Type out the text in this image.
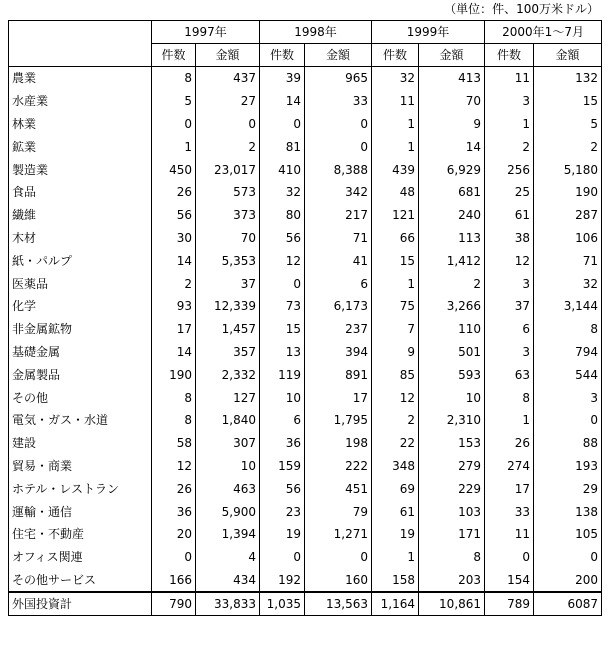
（単位：件、100万米ドル）
	1997年		1998年		1999年		2000年1～7月	
	件数	金額	件数	金額	件数	金額	件数	金額
農業	8	437	39	965	32	413	11	132
水産業	5	27	14	33	11	70	3	15
林業	0	0	0	0	1	9	1	5
鉱業	1	2	81	0	1	14	2	2
製造業	450	23,017	410	8,388	439	6,929	256	5,180
食品	26	573	32	342	48	681	25	190
繊維	56	373	80	217	121	240	61	287
木材	30	70	56	71	66	113	38	106
紙・パルプ	14	5,353	12	41	15	1,412	12	71
医薬品	2	37	0	6	1	2	3	32
化学	93	12,339	73	6,173	75	3,266	37	3,144
非金属鉱物	17	1,457	15	237	7	110	6	8
基礎金属	14	357	13	394	9	501	3	794
金属製品	190	2,332	119	891	85	593	63	544
その他	8	127	10	17	12	10	8	3
電気・ガス・水道	8	1,840	6	1,795	2	2,310	1	0
建設	58	307	36	198	22	153	26	88
貿易・商業	12	10	159	222	348	279	274	193
ホテル・レストラン	26	463	56	451	69	229	17	29
運輸・通信	36	5,900	23	79	61	103	33	138
住宅・不動産	20	1,394	19	1,271	19	171	11	105
オフィス関連	0	4	0	0	1	8	0	0
その他サービス	166	434	192	160	158	203	154	200
外国投資計	790	33,833	1,035	13,563	1,164	10,861	789	6087
